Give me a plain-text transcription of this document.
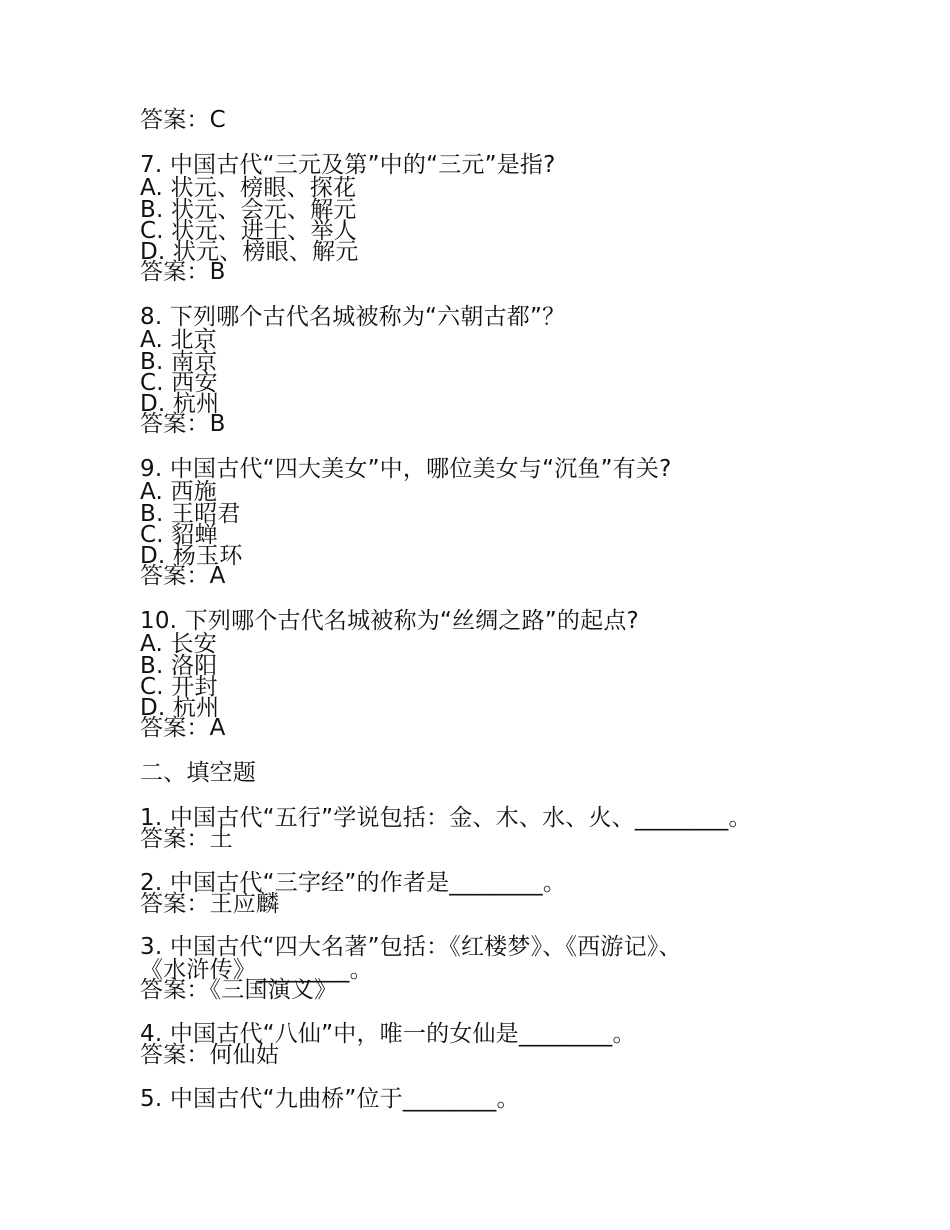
答案：C
7. 中国古代“三元及第”中的“三元”是指?
A. 状元、榜眼、探花
B. 状元、会元、解元
C. 状元、进士、举人
D. 状元、榜眼、解元
答案：B
8. 下列哪个古代名城被称为“六朝古都”？
A. 北京
B. 南京
C. 西安
D. 杭州
答案：B
9. 中国古代“四大美女”中，哪位美女与“沉鱼”有关?
A. 西施
B. 王昭君
C. 貂蝉
D. 杨玉环
答案：A
10. 下列哪个古代名城被称为“丝绸之路”的起点?
A. 长安
B. 洛阳
C. 开封
D. 杭州
答案：A
二、填空题
1. 中国古代“五行”学说包括：金、木、水、火、________。
答案：土
2. 中国古代“三字经”的作者是________。
答案：王应麟
3. 中国古代“四大名著”包括：《红楼梦》、《西游记》、
《水浒传》________。
答案：《三国演义》
4. 中国古代“八仙”中，唯一的女仙是________。
答案：何仙姑
5. 中国古代“九曲桥”位于________。
